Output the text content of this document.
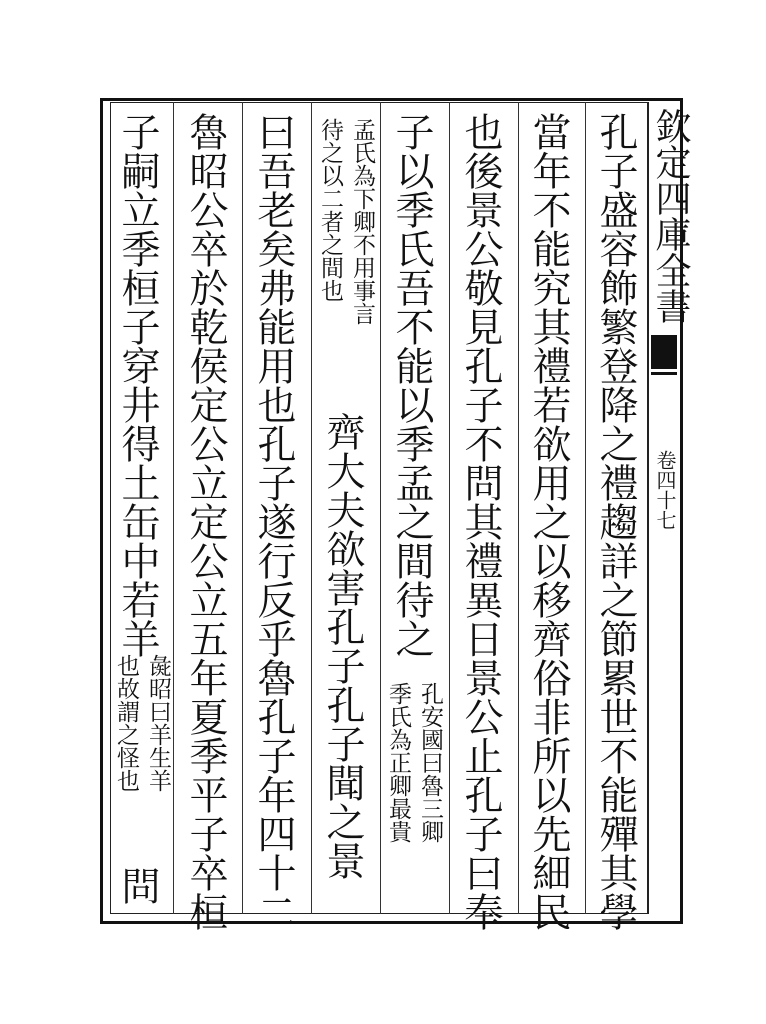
欽定四庫全書
卷四十七
孔子盛容飾繁登降之禮趨詳之節累世不能殫其學
當年不能究其禮若欲用之以移齊俗非所以先細民
也後景公敬見孔子不問其禮異日景公止孔子曰奉
子以季氏吾不能以季孟之間待之
孔安國曰魯三卿
季氏為正卿最貴
孟氏為下卿不用事言
待之以二者之間也
齊大夫欲害孔子孔子聞之景
曰吾老矣弗能用也孔子遂行反乎魯孔子年四十二
魯昭公卒於乾侯定公立定公立五年夏季平子卒桓
子嗣立季桓子穿井得土缶中若羊
彘昭曰羊生羊
也故謂之怪也
問
